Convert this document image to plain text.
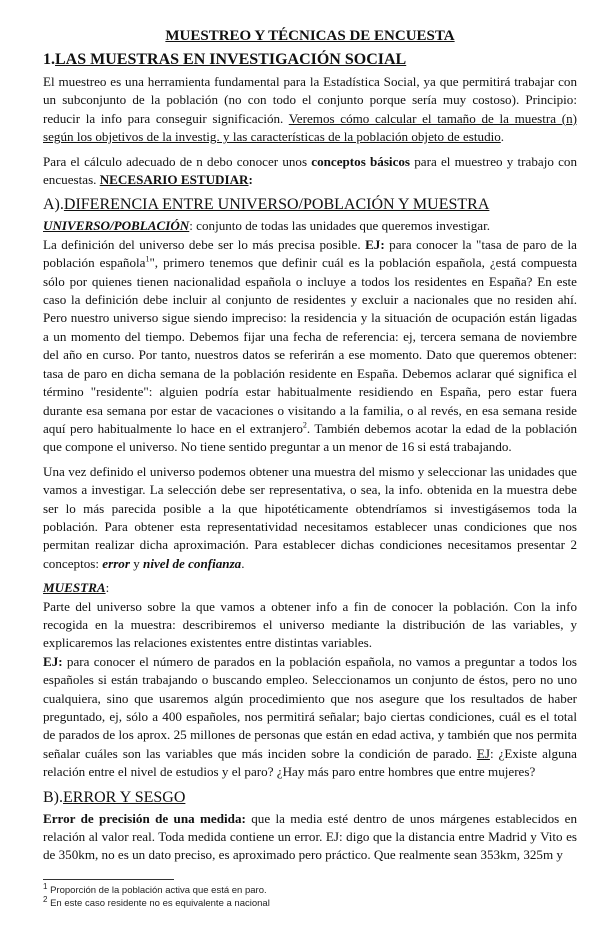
MUESTREO Y TÉCNICAS DE ENCUESTA
1.LAS MUESTRAS EN INVESTIGACIÓN SOCIAL

El muestreo es una herramienta fundamental para la Estadística Social, ya que permitirá trabajar con un subconjunto de la población (no con todo el conjunto porque sería muy costoso). Principio: reducir la info para conseguir significación. Veremos cómo calcular el tamaño de la muestra (n) según los objetivos de la investig. y las características de la población objeto de estudio.

Para el cálculo adecuado de n debo conocer unos conceptos básicos para el muestreo y trabajo con encuestas. NECESARIO ESTUDIAR:

A).DIFERENCIA ENTRE UNIVERSO/POBLACIÓN Y MUESTRA

UNIVERSO/POBLACIÓN: conjunto de todas las unidades que queremos investigar.

La definición del universo debe ser lo más precisa posible. EJ: para conocer la "tasa de paro de la población española$^1$", primero tenemos que definir cuál es la población española, ¿está compuesta sólo por quienes tienen nacionalidad española o incluye a todos los residentes en España? En este caso la definición debe incluir al conjunto de residentes y excluir a nacionales que no residen ahí. Pero nuestro universo sigue siendo impreciso: la residencia y la situación de ocupación están ligadas a un momento del tiempo. Debemos fijar una fecha de referencia: ej, tercera semana de noviembre del año en curso. Por tanto, nuestros datos se referirán a ese momento. Dato que queremos obtener: tasa de paro en dicha semana de la población residente en España. Debemos aclarar qué significa el término "residente": alguien podría estar habitualmente residiendo en España, pero estar fuera durante esa semana por estar de vacaciones o visitando a la familia, o al revés, en esa semana reside aquí pero habitualmente lo hace en el extranjero$^2$. También debemos acotar la edad de la población que compone el universo. No tiene sentido preguntar a un menor de 16 si está trabajando.

Una vez definido el universo podemos obtener una muestra del mismo y seleccionar las unidades que vamos a investigar. La selección debe ser representativa, o sea, la info. obtenida en la muestra debe ser lo más parecida posible a la que hipotéticamente obtendríamos si investigásemos toda la población. Para obtener esta representatividad necesitamos establecer unas condiciones que nos permitan realizar dicha aproximación. Para establecer dichas condiciones necesitamos presentar 2 conceptos: error y nivel de confianza.

MUESTRA:

Parte del universo sobre la que vamos a obtener info a fin de conocer la población. Con la info recogida en la muestra: describiremos el universo mediante la distribución de las variables, y explicaremos las relaciones existentes entre distintas variables.

EJ: para conocer el número de parados en la población española, no vamos a preguntar a todos los españoles si están trabajando o buscando empleo. Seleccionamos un conjunto de éstos, pero no uno cualquiera, sino que usaremos algún procedimiento que nos asegure que los resultados de haber preguntado, ej, sólo a 400 españoles, nos permitirá señalar; bajo ciertas condiciones, cuál es el total de parados de los aprox. 25 millones de personas que están en edad activa, y también que nos permita señalar cuáles son las variables que más inciden sobre la condición de parado. EJ: ¿Existe alguna relación entre el nivel de estudios y el paro? ¿Hay más paro entre hombres que entre mujeres?

B).ERROR Y SESGO

Error de precisión de una medida: que la media esté dentro de unos márgenes establecidos en relación al valor real. Toda medida contiene un error. EJ: digo que la distancia entre Madrid y Vito es de 350km, no es un dato preciso, es aproximado pero práctico. Que realmente sean 353km, 325m y

$^1$ Proporción de la población activa que está en paro.
$^2$ En este caso residente no es equivalente a nacional
